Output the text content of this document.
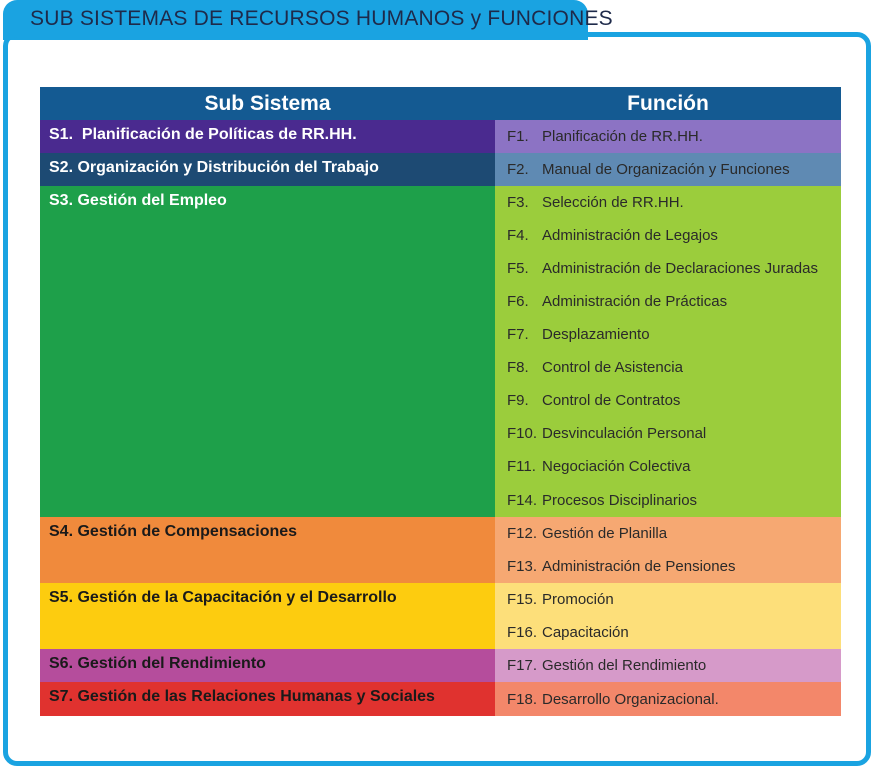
SUB SISTEMAS DE RECURSOS HUMANOS y FUNCIONES
Sub Sistema	Función
S1. Planificación de Políticas de RR.HH.
S2. Organización y Distribución del Trabajo
S3. Gestión del Empleo
S4. Gestión de Compensaciones
S5. Gestión de la Capacitación y el Desarrollo
S6. Gestión del Rendimiento
S7. Gestión de las Relaciones Humanas y Sociales
F1. Planificación de RR.HH.
F2. Manual de Organización y Funciones
F3. Selección de RR.HH.
F4. Administración de Legajos
F5. Administración de Declaraciones Juradas
F6. Administración de Prácticas
F7. Desplazamiento
F8. Control de Asistencia
F9. Control de Contratos
F10. Desvinculación Personal
F11. Negociación Colectiva
F14. Procesos Disciplinarios
F12. Gestión de Planilla
F13. Administración de Pensiones
F15. Promoción
F16. Capacitación
F17. Gestión del Rendimiento
F18. Desarrollo Organizacional.
